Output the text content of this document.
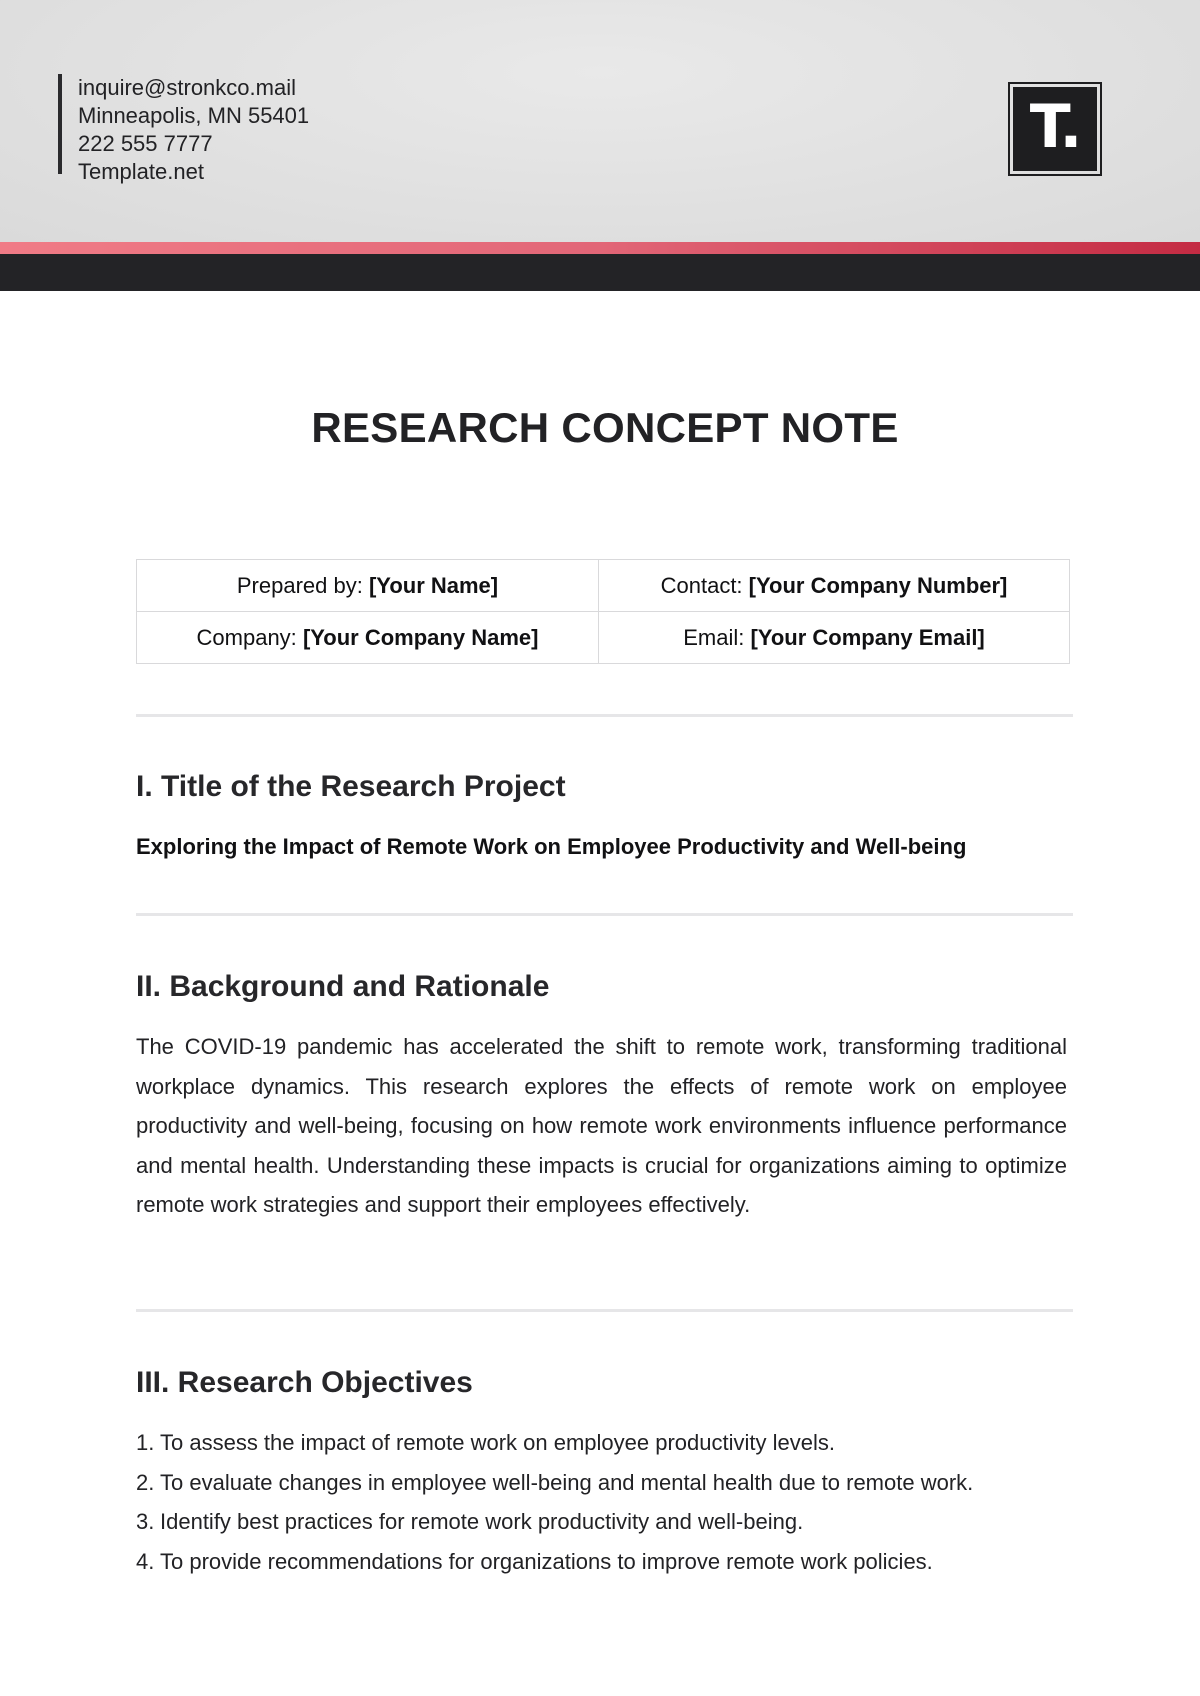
inquire@stronkco.mail
Minneapolis, MN 55401
222 555 7777
Template.net
T.
RESEARCH CONCEPT NOTE
Prepared by: [Your Name]	Contact: [Your Company Number]
Company: [Your Company Name]	Email: [Your Company Email]
I. Title of the Research Project
Exploring the Impact of Remote Work on Employee Productivity and Well-being
II. Background and Rationale
The COVID-19 pandemic has accelerated the shift to remote work, transforming traditional workplace dynamics. This research explores the effects of remote work on employee productivity and well-being, focusing on how remote work environments influence performance and mental health. Understanding these impacts is crucial for organizations aiming to optimize remote work strategies and support their employees effectively.
III. Research Objectives
1. To assess the impact of remote work on employee productivity levels.
2. To evaluate changes in employee well-being and mental health due to remote work.
3. Identify best practices for remote work productivity and well-being.
4. To provide recommendations for organizations to improve remote work policies.
